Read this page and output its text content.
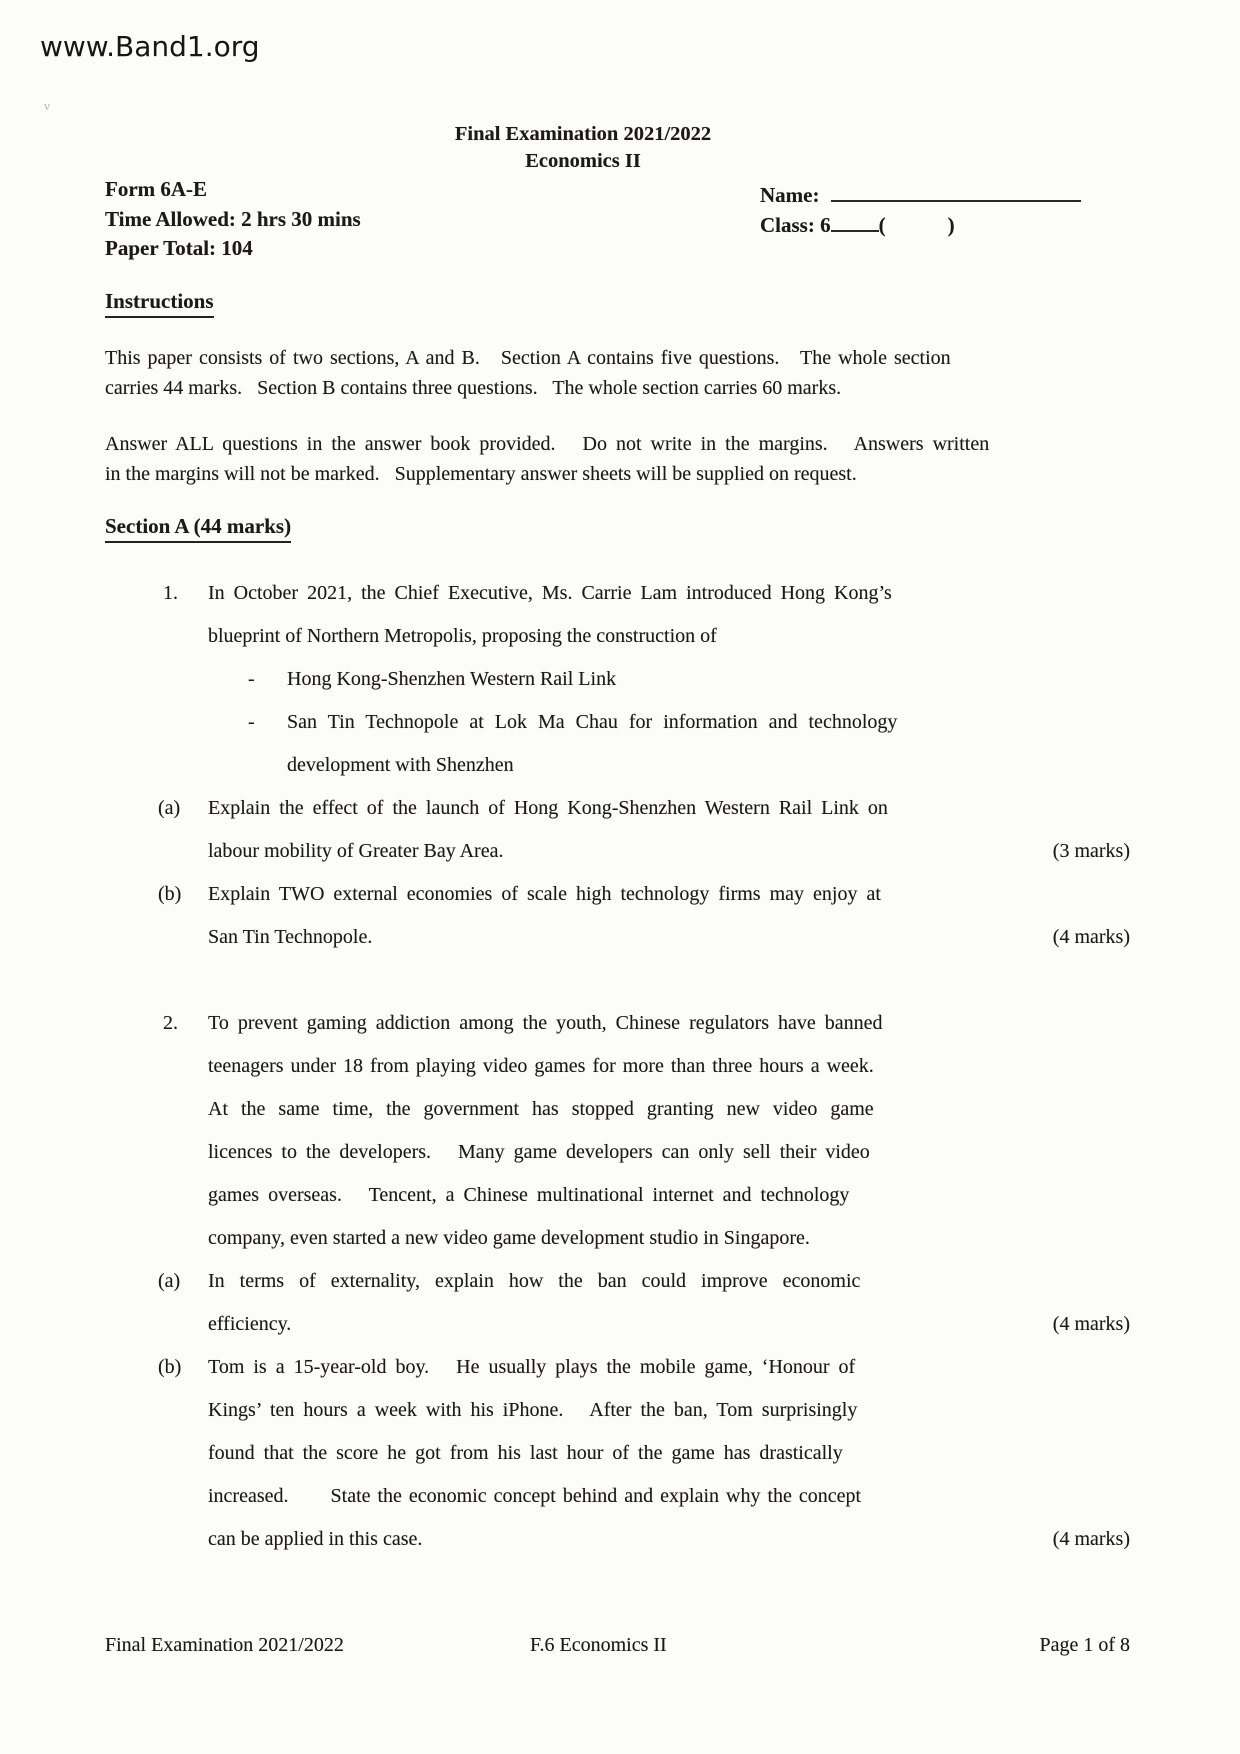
www.Band1.org
ν
Final Examination 2021/2022
Economics II
Form 6A-E
Time Allowed: 2 hrs 30 mins
Paper Total: 104
Name:
Class: 6 (	)
Instructions
This paper consists of two sections, A and B.   Section A contains five questions.   The whole section
carries 44 marks.   Section B contains three questions.   The whole section carries 60 marks.
Answer ALL questions in the answer book provided.   Do not write in the margins.   Answers written
in the margins will not be marked.   Supplementary answer sheets will be supplied on request.
Section A (44 marks)
1. In October 2021, the Chief Executive, Ms. Carrie Lam introduced Hong Kong’s
blueprint of Northern Metropolis, proposing the construction of
- Hong Kong-Shenzhen Western Rail Link
- San Tin Technopole at Lok Ma Chau for information and technology
development with Shenzhen
(a) Explain the effect of the launch of Hong Kong-Shenzhen Western Rail Link on
labour mobility of Greater Bay Area.	(3 marks)
(b) Explain TWO external economies of scale high technology firms may enjoy at
San Tin Technopole.	(4 marks)
2. To prevent gaming addiction among the youth, Chinese regulators have banned
teenagers under 18 from playing video games for more than three hours a week.
At the same time, the government has stopped granting new video game
licences to the developers.   Many game developers can only sell their video
games overseas.   Tencent, a Chinese multinational internet and technology
company, even started a new video game development studio in Singapore.
(a) In terms of externality, explain how the ban could improve economic
efficiency.	(4 marks)
(b) Tom is a 15-year-old boy.   He usually plays the mobile game, ‘Honour of
Kings’ ten hours a week with his iPhone.   After the ban, Tom surprisingly
found that the score he got from his last hour of the game has drastically
increased.      State the economic concept behind and explain why the concept
can be applied in this case.	(4 marks)
Final Examination 2021/2022	F.6 Economics II	Page 1 of 8
